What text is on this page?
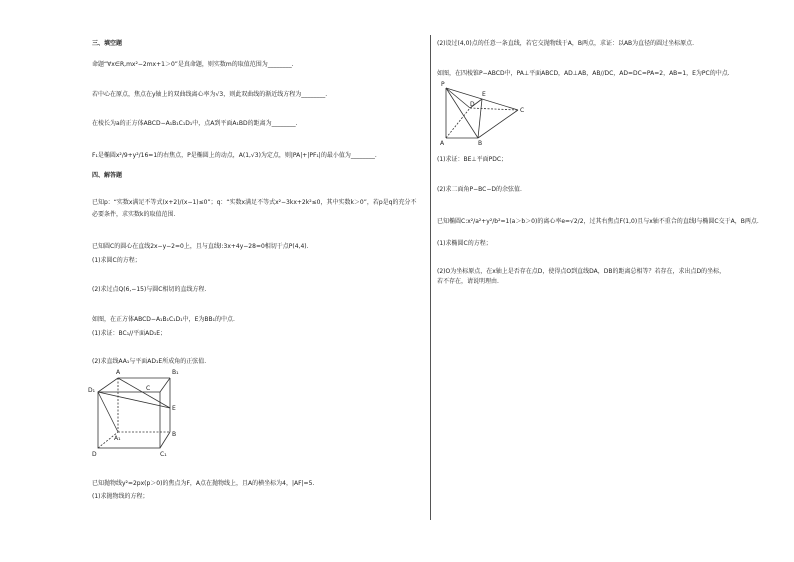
三、填空题
命题“∀x∈R,mx²−2mx+1＞0”是真命题，则实数m的取值范围为________.
若中心在原点，焦点在y轴上的双曲线离心率为√3，则此双曲线的渐近线方程为________.
在棱长为a的正方体ABCD−A₁B₁C₁D₁中，点A到平面A₁BD的距离为________.
F₁是椭圆x²/9+y²/16=1的右焦点，P是椭圆上的动点，A(1,√3)为定点，则|PA|+|PF₁|的最小值为________.
四、解答题
已知p：“实数x满足不等式(x+2)/(x−1)≤0”；q：“实数x满足不等式x²−3kx+2k²≤0，其中实数k＞0”，若p是q的充分不
必要条件，求实数k的取值范围.
已知圆C的圆心在直线2x−y−2=0上，且与直线l:3x+4y−28=0相切于点P(4,4).
(1)求圆C的方程；
(2)求过点Q(6,−15)与圆C相切的直线方程.
如图，在正方体ABCD−A₁B₁C₁D₁中，E为BB₁的中点.
(1)求证：BC₁//平面AD₁E；
(2)求直线AA₁与平面AD₁E所成角的正弦值.
A	B₁
C
D₁
E
A₁
B
D	C₁
已知抛物线y²=2px(p＞0)的焦点为F，A点在抛物线上，且A的横坐标为4，|AF|=5.
(1)求抛物线的方程；
(2)设过(4,0)点的任意一条直线，若它交抛物线于A，B两点，求证：以AB为直径的圆过坐标原点.
如图，在四棱锥P−ABCD中，PA⊥平面ABCD，AD⊥AB，AB//DC，AD=DC=PA=2，AB=1，E为PC的中点.
P
E
D
C
A	B
(1)求证：BE⊥平面PDC；
(2)求二面角P−BC−D的余弦值.
已知椭圆C:x²/a²+y²/b²=1(a＞b＞0)的离心率e=√2/2，过其右焦点F(1,0)且与x轴不重合的直线l与椭圆C交于A，B两点.
(1)求椭圆C的方程；
(2)O为坐标原点，在x轴上是否存在点D，使得点O到直线DA，DB的距离总相等？若存在，求出点D的坐标，
若不存在，请说明理由.
